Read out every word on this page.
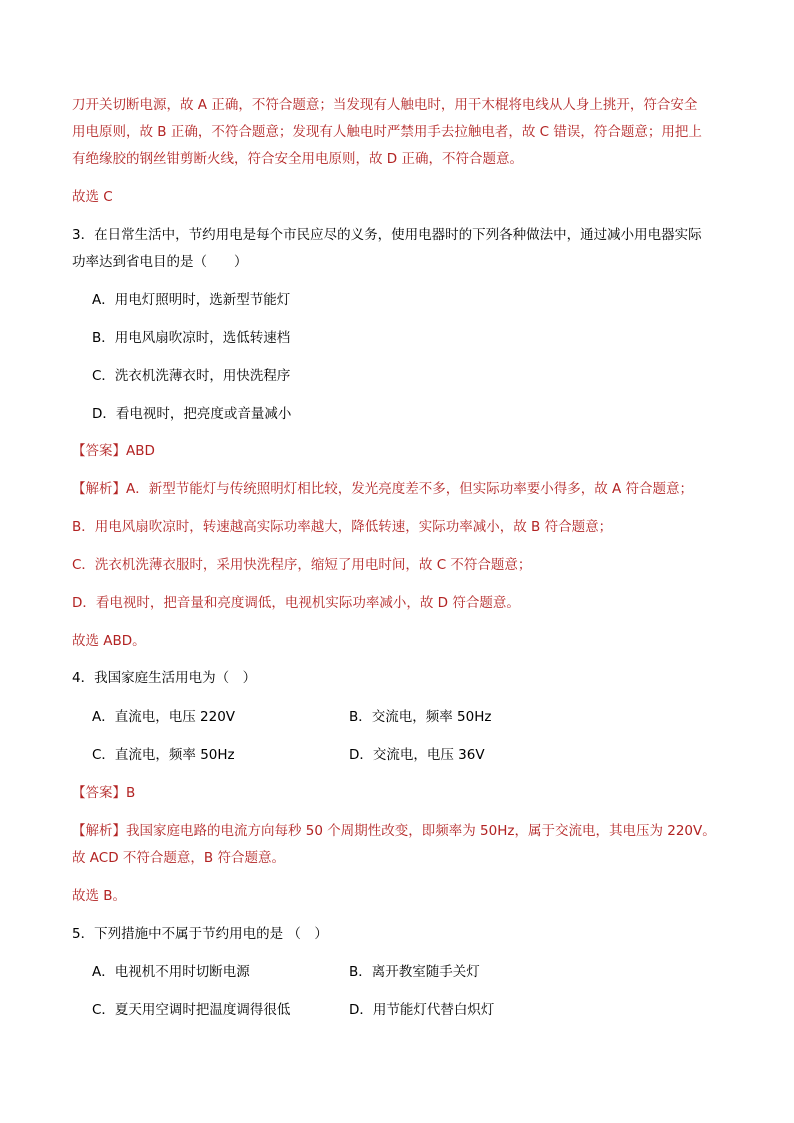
刀开关切断电源，故 A 正确，不符合题意；当发现有人触电时，用干木棍将电线从人身上挑开，符合安全
用电原则，故 B 正确，不符合题意；发现有人触电时严禁用手去拉触电者，故 C 错误，符合题意；用把上
有绝缘胶的钢丝钳剪断火线，符合安全用电原则，故 D 正确，不符合题意。
故选 C
3．在日常生活中，节约用电是每个市民应尽的义务，使用电器时的下列各种做法中，通过减小用电器实际
功率达到省电目的是（　　）
A．用电灯照明时，选新型节能灯
B．用电风扇吹凉时，选低转速档
C．洗衣机洗薄衣时，用快洗程序
D．看电视时，把亮度或音量减小
【答案】ABD
【解析】A．新型节能灯与传统照明灯相比较，发光亮度差不多，但实际功率要小得多，故 A 符合题意；
B．用电风扇吹凉时，转速越高实际功率越大，降低转速，实际功率减小，故 B 符合题意；
C．洗衣机洗薄衣服时，采用快洗程序，缩短了用电时间，故 C 不符合题意；
D．看电视时，把音量和亮度调低，电视机实际功率减小，故 D 符合题意。
故选 ABD。
4．我国家庭生活用电为（　）
A．直流电，电压 220V	B．交流电，频率 50Hz
C．直流电，频率 50Hz	D．交流电，电压 36V
【答案】B
【解析】我国家庭电路的电流方向每秒 50 个周期性改变，即频率为 50Hz，属于交流电，其电压为 220V。
故 ACD 不符合题意，B 符合题意。
故选 B。
5．下列措施中不属于节约用电的是 （　）
A．电视机不用时切断电源	B．离开教室随手关灯
C．夏天用空调时把温度调得很低	D．用节能灯代替白炽灯
